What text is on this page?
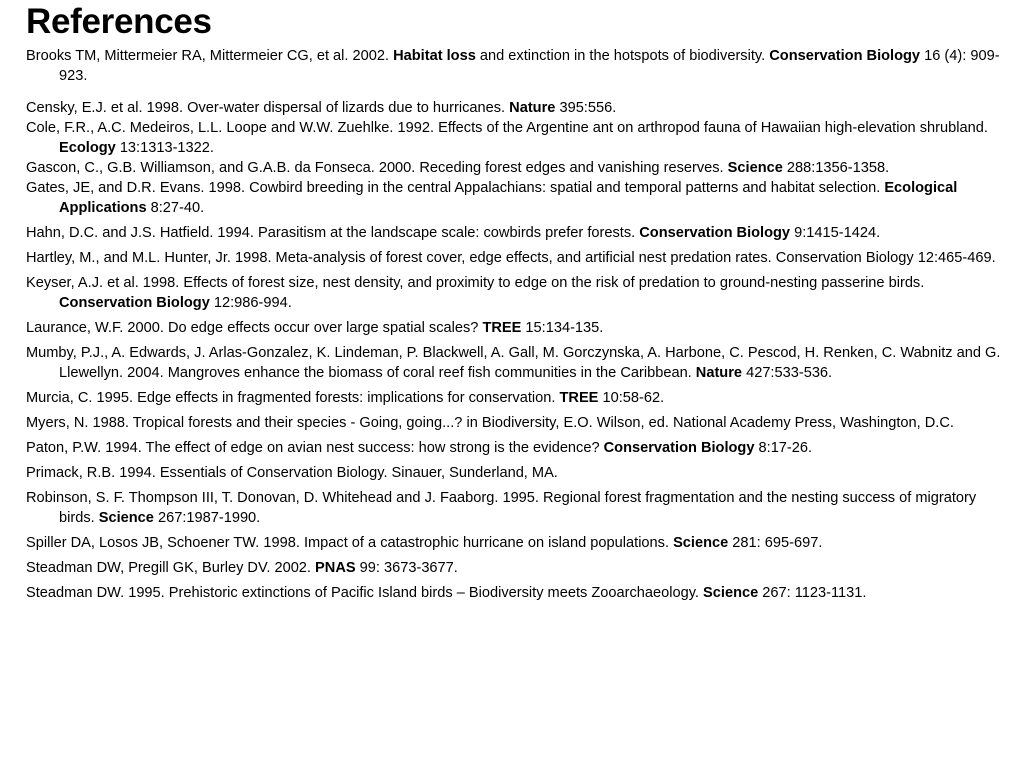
References
Brooks TM, Mittermeier RA, Mittermeier CG, et al. 2002. Habitat loss and extinction in the hotspots of biodiversity. Conservation Biology 16 (4): 909-923.
Censky, E.J. et al. 1998. Over-water dispersal of lizards due to hurricanes. Nature 395:556.
Cole, F.R., A.C. Medeiros, L.L. Loope and W.W. Zuehlke. 1992. Effects of the Argentine ant on arthropod fauna of Hawaiian high-elevation shrubland. Ecology 13:1313-1322.
Gascon, C., G.B. Williamson, and G.A.B. da Fonseca. 2000. Receding forest edges and vanishing reserves. Science 288:1356-1358.
Gates, JE, and D.R. Evans. 1998. Cowbird breeding in the central Appalachians: spatial and temporal patterns and habitat selection. Ecological Applications 8:27-40.
Hahn, D.C. and J.S. Hatfield. 1994. Parasitism at the landscape scale: cowbirds prefer forests. Conservation Biology 9:1415-1424.
Hartley, M., and M.L. Hunter, Jr. 1998. Meta-analysis of forest cover, edge effects, and artificial nest predation rates. Conservation Biology 12:465-469.
Keyser, A.J. et al. 1998. Effects of forest size, nest density, and proximity to edge on the risk of predation to ground-nesting passerine birds. Conservation Biology 12:986-994.
Laurance, W.F. 2000. Do edge effects occur over large spatial scales? TREE 15:134-135.
Mumby, P.J., A. Edwards, J. Arlas-Gonzalez, K. Lindeman, P. Blackwell, A. Gall, M. Gorczynska, A. Harbone, C. Pescod, H. Renken, C. Wabnitz and G. Llewellyn. 2004. Mangroves enhance the biomass of coral reef fish communities in the Caribbean. Nature 427:533-536.
Murcia, C. 1995. Edge effects in fragmented forests: implications for conservation. TREE 10:58-62.
Myers, N. 1988. Tropical forests and their species - Going, going...? in Biodiversity, E.O. Wilson, ed. National Academy Press, Washington, D.C.
Paton, P.W. 1994. The effect of edge on avian nest success: how strong is the evidence? Conservation Biology 8:17-26.
Primack, R.B. 1994. Essentials of Conservation Biology. Sinauer, Sunderland, MA.
Robinson, S. F. Thompson III, T. Donovan, D. Whitehead and J. Faaborg. 1995. Regional forest fragmentation and the nesting success of migratory birds. Science 267:1987-1990.
Spiller DA, Losos JB, Schoener TW. 1998. Impact of a catastrophic hurricane on island populations. Science 281: 695-697.
Steadman DW, Pregill GK, Burley DV. 2002. PNAS 99: 3673-3677.
Steadman DW. 1995. Prehistoric extinctions of Pacific Island birds – Biodiversity meets Zooarchaeology. Science 267: 1123-1131.
